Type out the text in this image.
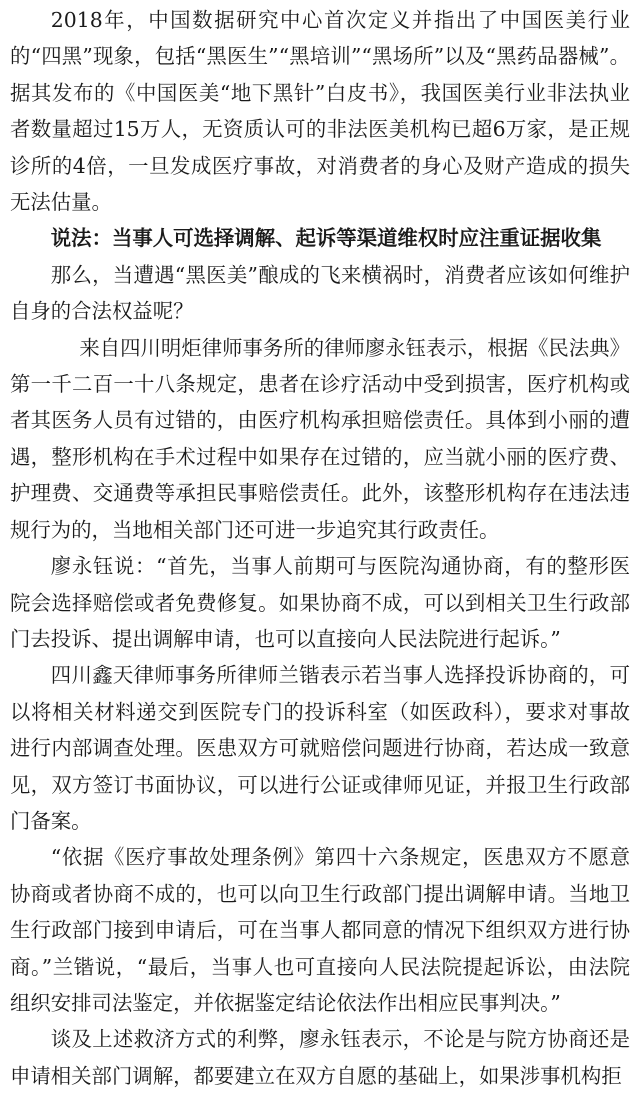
2018年，中国数据研究中心首次定义并指出了中国医美行业的“四黑”现象，包括“黑医生”“黑培训”“黑场所”以及“黑药品器械”。据其发布的《中国医美“地下黑针”白皮书》，我国医美行业非法执业者数量超过15万人，无资质认可的非法医美机构已超6万家，是正规诊所的4倍，一旦发成医疗事故，对消费者的身心及财产造成的损失无法估量。

说法：当事人可选择调解、起诉等渠道维权时应注重证据收集

那么，当遭遇“黑医美”酿成的飞来横祸时，消费者应该如何维护自身的合法权益呢？

来自四川明炬律师事务所的律师廖永钰表示，根据《民法典》第一千二百一十八条规定，患者在诊疗活动中受到损害，医疗机构或者其医务人员有过错的，由医疗机构承担赔偿责任。具体到小丽的遭遇，整形机构在手术过程中如果存在过错的，应当就小丽的医疗费、护理费、交通费等承担民事赔偿责任。此外，该整形机构存在违法违规行为的，当地相关部门还可进一步追究其行政责任。

廖永钰说：“首先，当事人前期可与医院沟通协商，有的整形医院会选择赔偿或者免费修复。如果协商不成，可以到相关卫生行政部门去投诉、提出调解申请，也可以直接向人民法院进行起诉。”

四川鑫天律师事务所律师兰锴表示若当事人选择投诉协商的，可以将相关材料递交到医院专门的投诉科室（如医政科），要求对事故进行内部调查处理。医患双方可就赔偿问题进行协商，若达成一致意见，双方签订书面协议，可以进行公证或律师见证，并报卫生行政部门备案。

“依据《医疗事故处理条例》第四十六条规定，医患双方不愿意协商或者协商不成的，也可以向卫生行政部门提出调解申请。当地卫生行政部门接到申请后，可在当事人都同意的情况下组织双方进行协商。”兰锴说，“最后，当事人也可直接向人民法院提起诉讼，由法院组织安排司法鉴定，并依据鉴定结论依法作出相应民事判决。”

谈及上述救济方式的利弊，廖永钰表示，不论是与院方协商还是申请相关部门调解，都要建立在双方自愿的基础上，如果涉事机构拒
